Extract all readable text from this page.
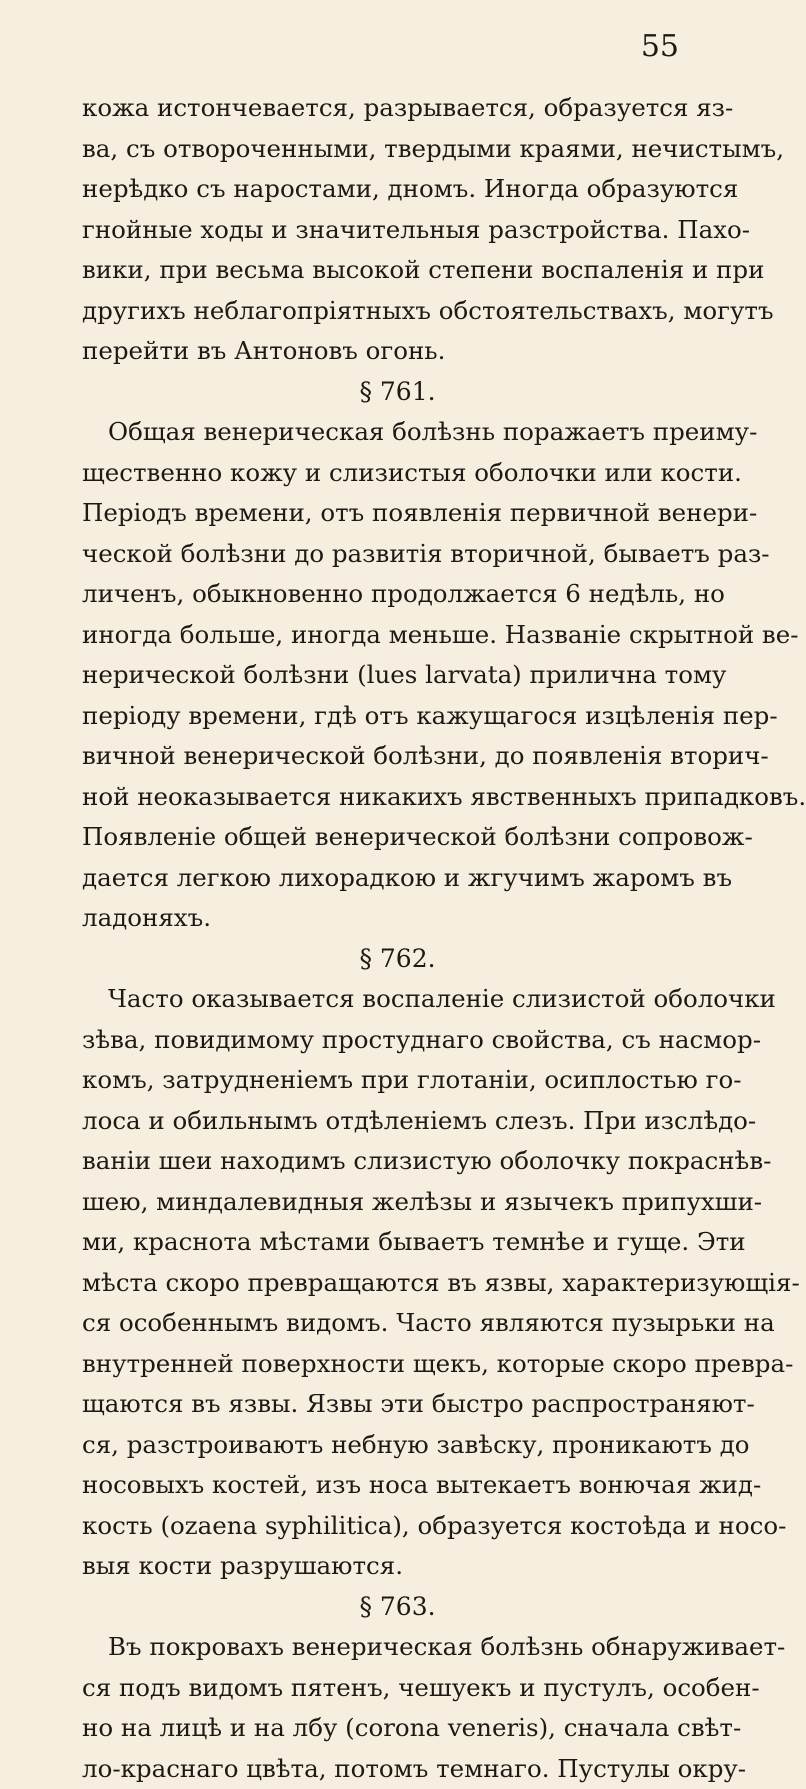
55
кожа истончевается, разрывается, образуется яз-
ва, съ отвороченными, твердыми краями, нечистымъ,
нерѣдко съ наростами, дномъ. Иногда образуются
гнойные ходы и значительныя разстройства. Пахо-
вики, при весьма высокой степени воспаленія и при
другихъ неблагопріятныхъ обстоятельствахъ, могутъ
перейти въ Антоновъ огонь.
§ 761.
Общая венерическая болѣзнь поражаетъ преиму-
щественно кожу и слизистыя оболочки или кости.
Періодъ времени, отъ появленія первичной венери-
ческой болѣзни до развитія вторичной, бываетъ раз-
личенъ, обыкновенно продолжается 6 недѣль, но
иногда больше, иногда меньше. Названіе скрытной ве-
нерической болѣзни (lues larvata) прилична тому
періоду времени, гдѣ отъ кажущагося изцѣленія пер-
вичной венерической болѣзни, до появленія вторич-
ной неоказывается никакихъ явственныхъ припадковъ.
Появленіе общей венерической болѣзни сопровож-
дается легкою лихорадкою и жгучимъ жаромъ въ
ладоняхъ.
§ 762.
Часто оказывается воспаленіе слизистой оболочки
зѣва, повидимому простуднаго свойства, съ насмор-
комъ, затрудненіемъ при глотаніи, осиплостью го-
лоса и обильнымъ отдѣленіемъ слезъ. При изслѣдо-
ваніи шеи находимъ слизистую оболочку покраснѣв-
шею, миндалевидныя желѣзы и язычекъ припухши-
ми, краснота мѣстами бываетъ темнѣе и гуще. Эти
мѣста скоро превращаются въ язвы, характеризующія-
ся особеннымъ видомъ. Часто являются пузырьки на
внутренней поверхности щекъ, которые скоро превра-
щаются въ язвы. Язвы эти быстро распространяют-
ся, разстроиваютъ небную завѣску, проникаютъ до
носовыхъ костей, изъ носа вытекаетъ вонючая жид-
кость (ozaena syphilitica), образуется костоѣда и носо-
выя кости разрушаются.
§ 763.
Въ покровахъ венерическая болѣзнь обнаруживает-
ся подъ видомъ пятенъ, чешуекъ и пустулъ, особен-
но на лицѣ и на лбу (corona veneris), сначала свѣт-
ло-краснаго цвѣта, потомъ темнаго. Пустулы окру-
